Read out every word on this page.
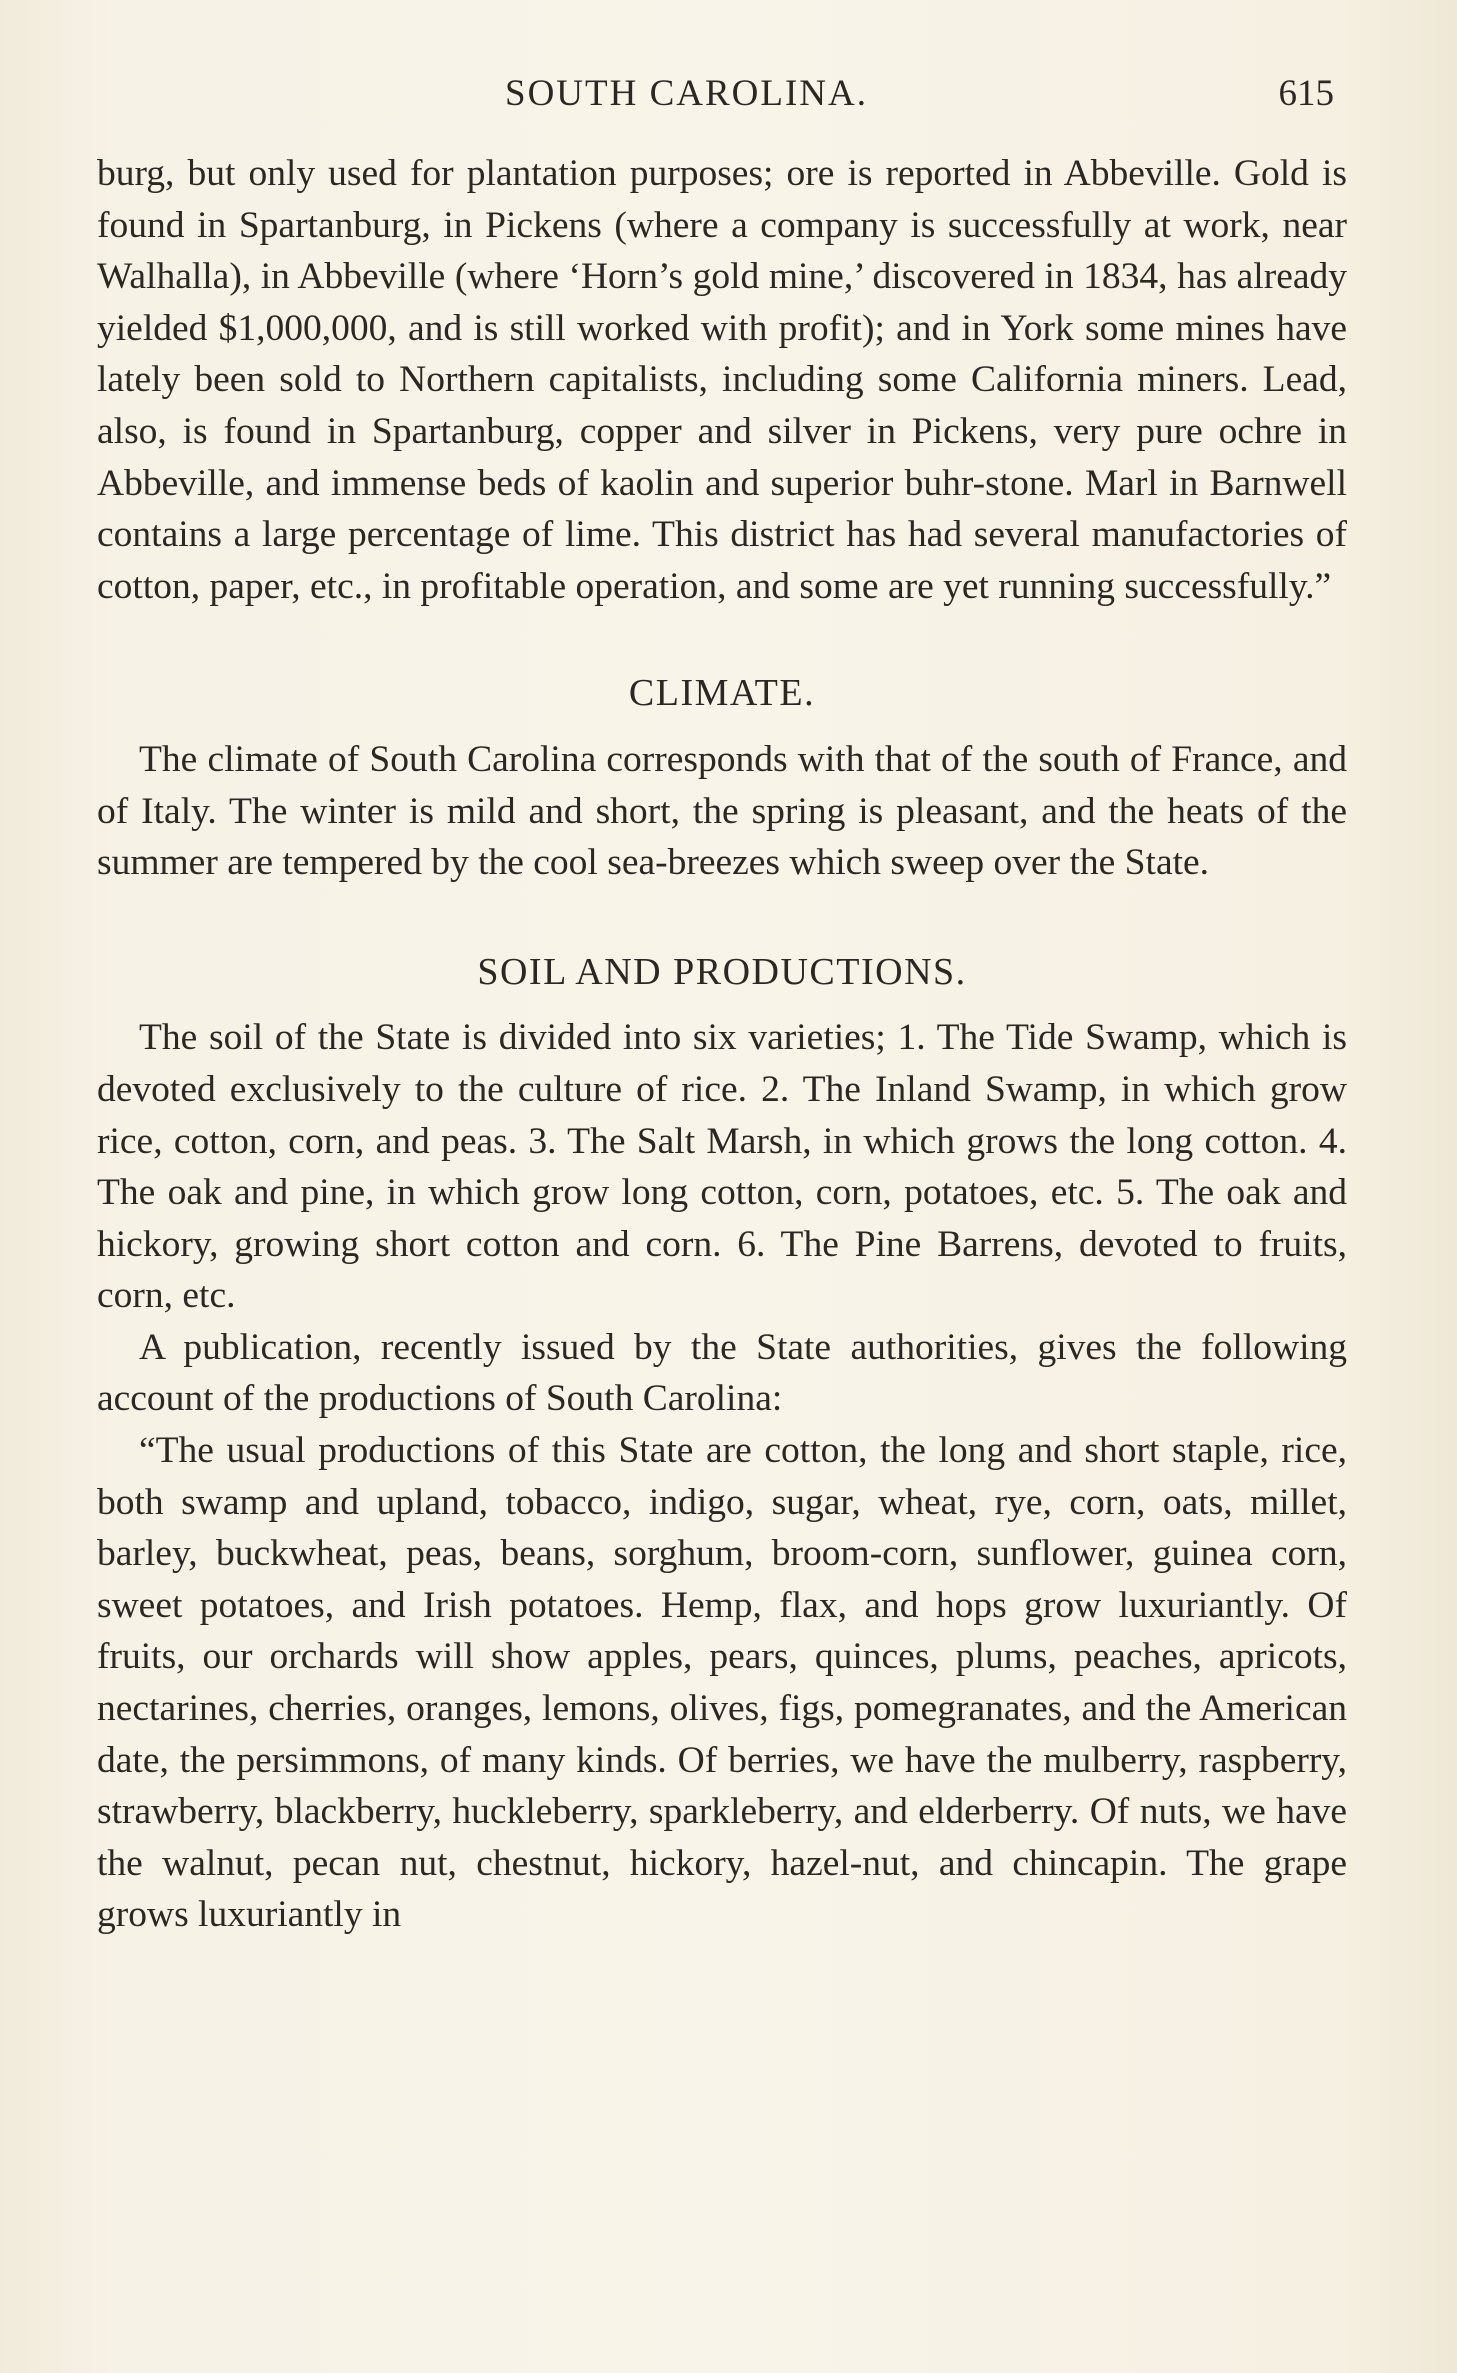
SOUTH CAROLINA.	615

burg, but only used for plantation purposes; ore is reported in Abbeville. Gold is found in Spartanburg, in Pickens (where a company is successfully at work, near Walhalla), in Abbeville (where ‘Horn’s gold mine,’ discovered in 1834, has already yielded $1,000,000, and is still worked with profit); and in York some mines have lately been sold to Northern capitalists, including some California miners. Lead, also, is found in Spartanburg, copper and silver in Pickens, very pure ochre in Abbeville, and immense beds of kaolin and superior buhr-stone. Marl in Barnwell contains a large percentage of lime. This district has had several manufactories of cotton, paper, etc., in profitable operation, and some are yet running successfully.”

CLIMATE.

The climate of South Carolina corresponds with that of the south of France, and of Italy. The winter is mild and short, the spring is pleasant, and the heats of the summer are tempered by the cool sea-breezes which sweep over the State.

SOIL AND PRODUCTIONS.

The soil of the State is divided into six varieties; 1. The Tide Swamp, which is devoted exclusively to the culture of rice. 2. The Inland Swamp, in which grow rice, cotton, corn, and peas. 3. The Salt Marsh, in which grows the long cotton. 4. The oak and pine, in which grow long cotton, corn, potatoes, etc. 5. The oak and hickory, growing short cotton and corn. 6. The Pine Barrens, devoted to fruits, corn, etc.

A publication, recently issued by the State authorities, gives the following account of the productions of South Carolina:

“The usual productions of this State are cotton, the long and short staple, rice, both swamp and upland, tobacco, indigo, sugar, wheat, rye, corn, oats, millet, barley, buckwheat, peas, beans, sorghum, broom-corn, sunflower, guinea corn, sweet potatoes, and Irish potatoes. Hemp, flax, and hops grow luxuriantly. Of fruits, our orchards will show apples, pears, quinces, plums, peaches, apricots, nectarines, cherries, oranges, lemons, olives, figs, pomegranates, and the American date, the persimmons, of many kinds. Of berries, we have the mulberry, raspberry, strawberry, blackberry, huckleberry, sparkleberry, and elderberry. Of nuts, we have the walnut, pecan nut, chestnut, hickory, hazel-nut, and chincapin. The grape grows luxuriantly in
